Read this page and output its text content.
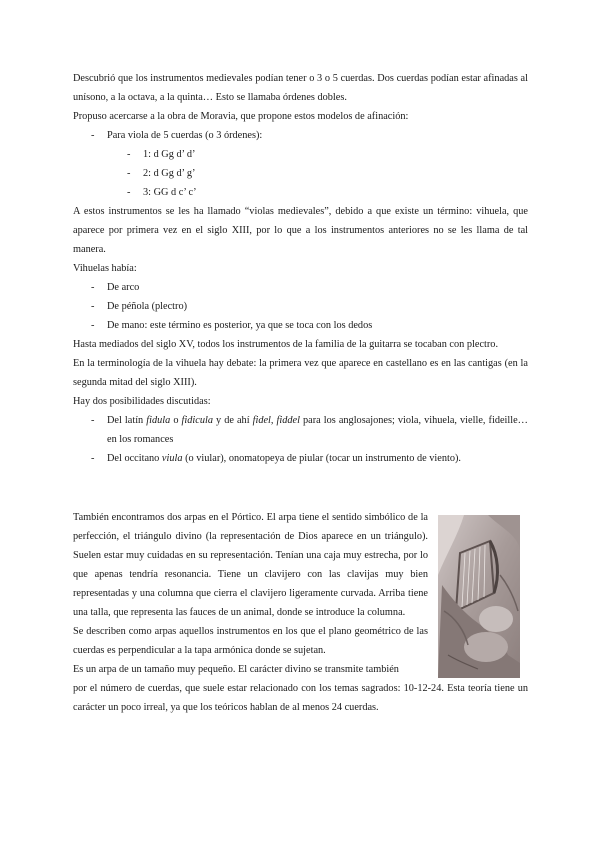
Descubrió que los instrumentos medievales podían tener o 3 o 5 cuerdas. Dos cuerdas podían estar afinadas al unísono, a la octava, a la quinta… Esto se llamaba órdenes dobles.

Propuso acercarse a la obra de Moravia, que propone estos modelos de afinación:

- Para viola de 5 cuerdas (o 3 órdenes):
- 1: d Gg d’ d’
- 2: d Gg d’ g’
- 3: GG d c’ c’

A estos instrumentos se les ha llamado “violas medievales”, debido a que existe un término: vihuela, que aparece por primera vez en el siglo XIII, por lo que a los instrumentos anteriores no se les llama de tal manera.

Vihuelas había:

- De arco
- De péñola (plectro)
- De mano: este término es posterior, ya que se toca con los dedos

Hasta mediados del siglo XV, todos los instrumentos de la familia de la guitarra se tocaban con plectro.

En la terminología de la vihuela hay debate: la primera vez que aparece en castellano es en las cantigas (en la segunda mitad del siglo XIII).

Hay dos posibilidades discutidas:

- Del latín fidula o fidicula y de ahí fidel, fiddel para los anglosajones; viola, vihuela, vielle, fideille… en los romances
- Del occitano viula (o viular), onomatopeya de piular (tocar un instrumento de viento).

También encontramos dos arpas en el Pórtico. El arpa tiene el sentido simbólico de la perfección, el triángulo divino (la representación de Dios aparece en un triángulo). Suelen estar muy cuidadas en su representación. Tenían una caja muy estrecha, por lo que apenas tendría resonancia. Tiene un clavijero con las clavijas muy bien representadas y una columna que cierra el clavijero ligeramente curvada. Arriba tiene una talla, que representa las fauces de un animal, donde se introduce la columna.

Se describen como arpas aquellos instrumentos en los que el plano geométrico de las cuerdas es perpendicular a la tapa armónica donde se sujetan.

Es un arpa de un tamaño muy pequeño. El carácter divino se transmite también

por el número de cuerdas, que suele estar relacionado con los temas sagrados: 10-12-24. Esta teoría tiene un carácter un poco irreal, ya que los teóricos hablan de al menos 24 cuerdas.
